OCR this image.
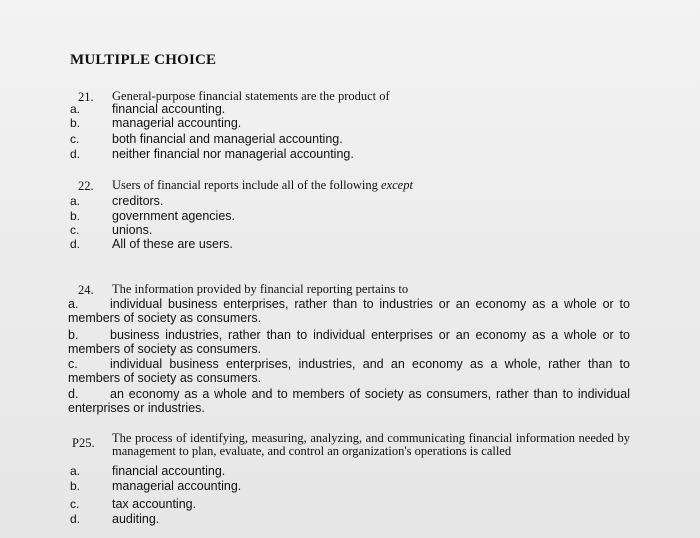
MULTIPLE CHOICE
21. General-purpose financial statements are the product of
a.	financial accounting.
b.	managerial accounting.
c.	both financial and managerial accounting.
d.	neither financial nor managerial accounting.
22. Users of financial reports include all of the following except
a.	creditors.
b.	government agencies.
c.	unions.
d.	All of these are users.
24. The information provided by financial reporting pertains to
a.	individual business enterprises, rather than to industries or an economy as a whole or to members of society as consumers.
b.	business industries, rather than to individual enterprises or an economy as a whole or to members of society as consumers.
c.	individual business enterprises, industries, and an economy as a whole, rather than to members of society as consumers.
d.	an economy as a whole and to members of society as consumers, rather than to individual enterprises or industries.
P25. The process of identifying, measuring, analyzing, and communicating financial information needed by management to plan, evaluate, and control an organization's operations is called
a.	financial accounting.
b.	managerial accounting.
c.	tax accounting.
d.	auditing.
